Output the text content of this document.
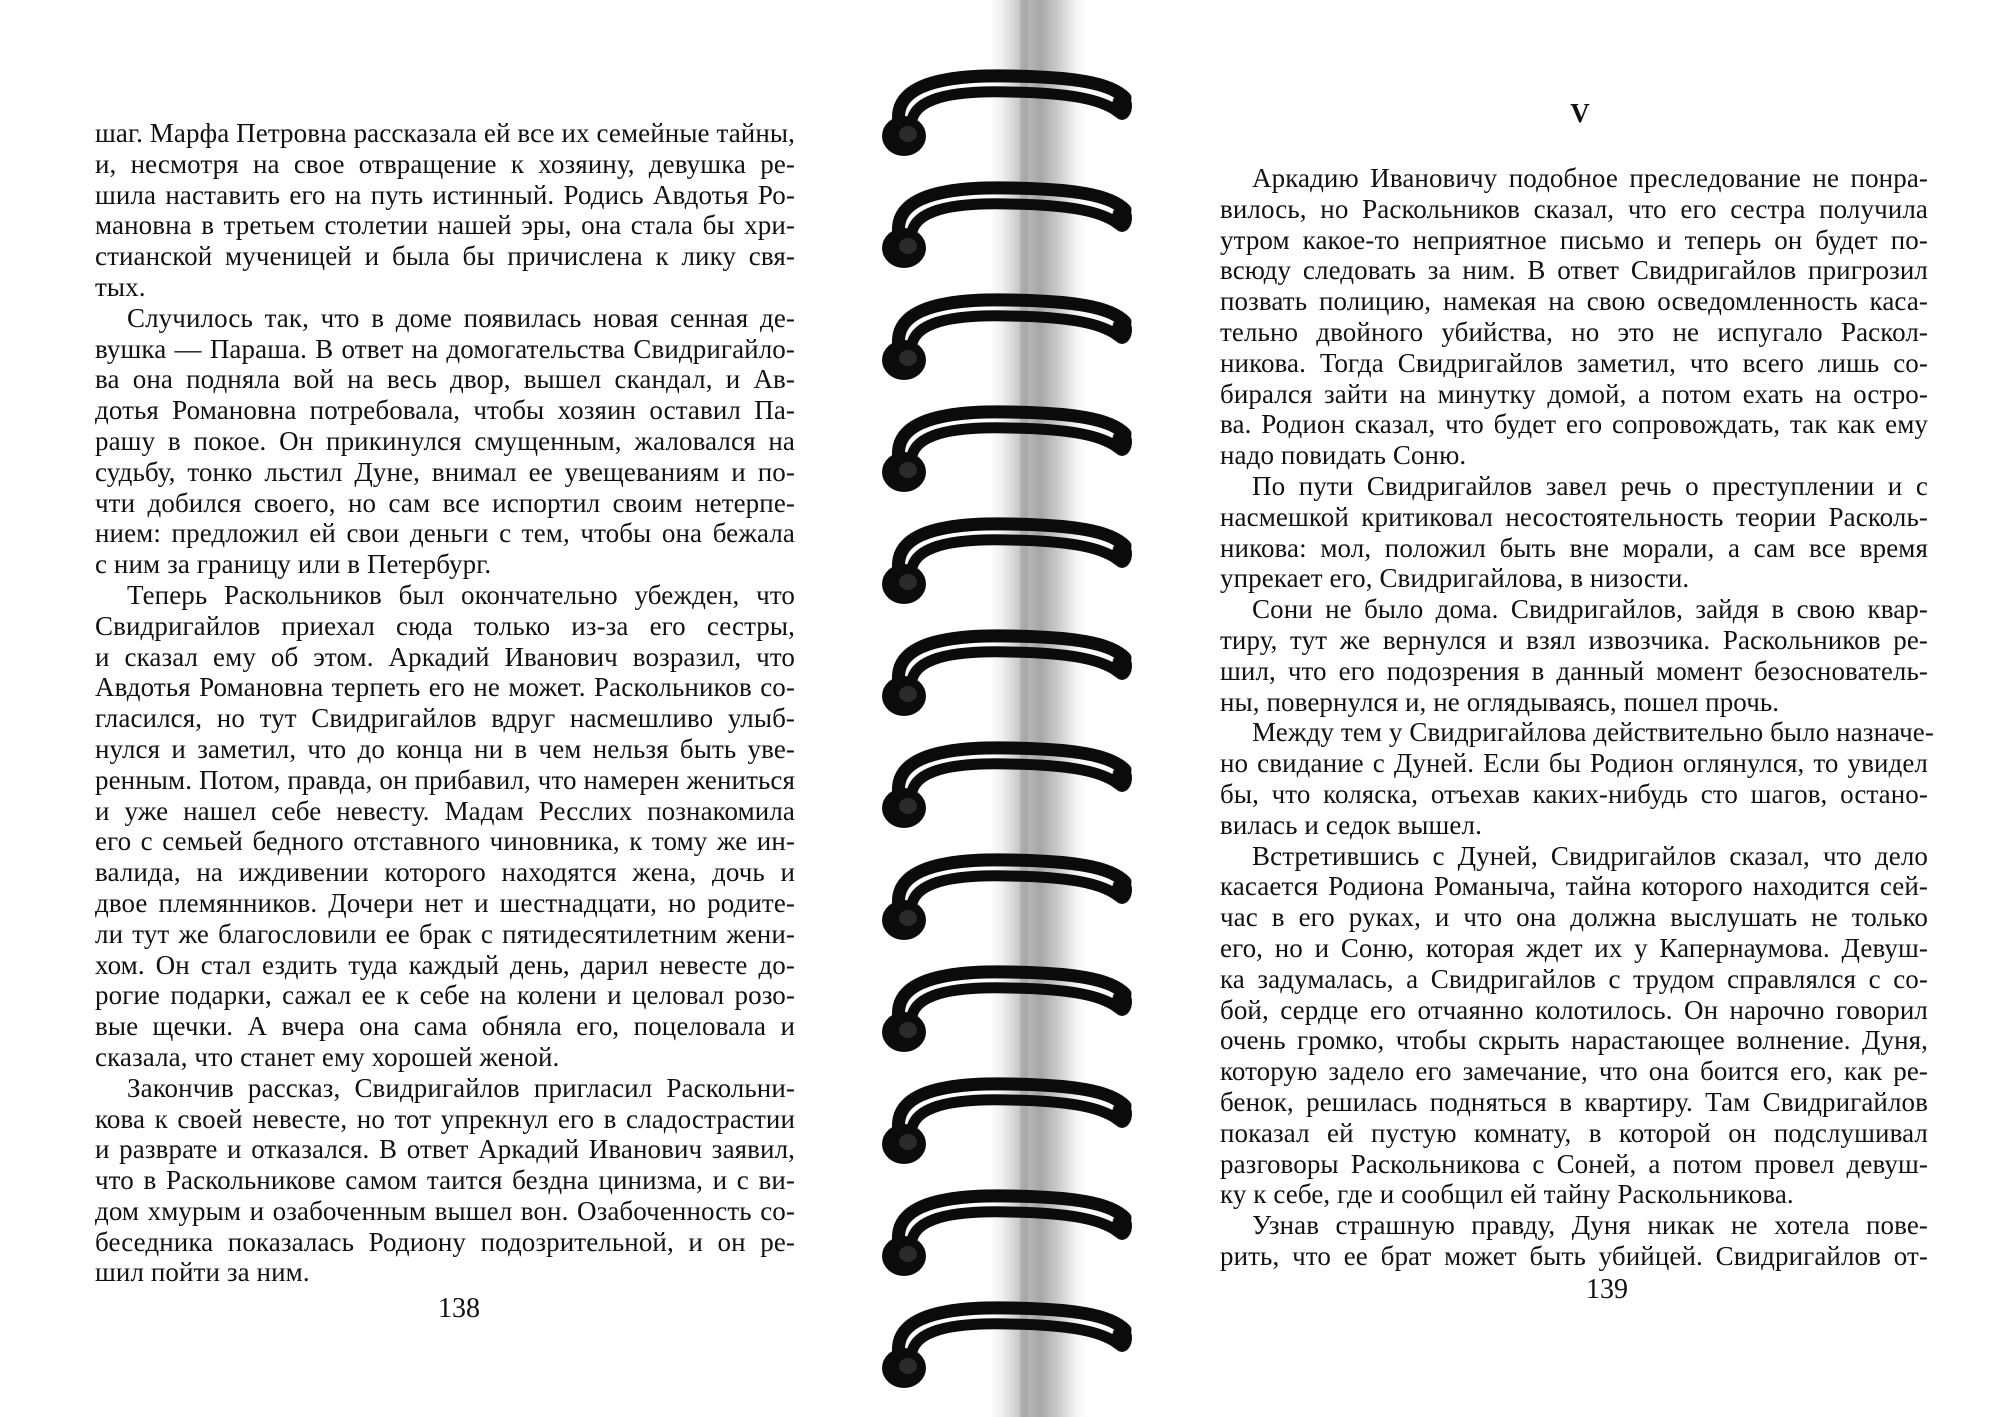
шаг. Марфа Петровна рассказала ей все их семейные тайны,
и, несмотря на свое отвращение к хозяину, девушка ре-
шила наставить его на путь истинный. Родись Авдотья Ро-
мановна в третьем столетии нашей эры, она стала бы хри-
стианской мученицей и была бы причислена к лику свя-
тых.
Случилось так, что в доме появилась новая сенная де-
вушка — Параша. В ответ на домогательства Свидригайло-
ва она подняла вой на весь двор, вышел скандал, и Ав-
дотья Романовна потребовала, чтобы хозяин оставил Па-
рашу в покое. Он прикинулся смущенным, жаловался на
судьбу, тонко льстил Дуне, внимал ее увещеваниям и по-
чти добился своего, но сам все испортил своим нетерпе-
нием: предложил ей свои деньги с тем, чтобы она бежала
с ним за границу или в Петербург.
Теперь Раскольников был окончательно убежден, что
Свидригайлов приехал сюда только из-за его сестры,
и сказал ему об этом. Аркадий Иванович возразил, что
Авдотья Романовна терпеть его не может. Раскольников со-
гласился, но тут Свидригайлов вдруг насмешливо улыб-
нулся и заметил, что до конца ни в чем нельзя быть уве-
ренным. Потом, правда, он прибавил, что намерен жениться
и уже нашел себе невесту. Мадам Ресслих познакомила
его с семьей бедного отставного чиновника, к тому же ин-
валида, на иждивении которого находятся жена, дочь и
двое племянников. Дочери нет и шестнадцати, но родите-
ли тут же благословили ее брак с пятидесятилетним жени-
хом. Он стал ездить туда каждый день, дарил невесте до-
рогие подарки, сажал ее к себе на колени и целовал розо-
вые щечки. А вчера она сама обняла его, поцеловала и
сказала, что станет ему хорошей женой.
Закончив рассказ, Свидригайлов пригласил Раскольни-
кова к своей невесте, но тот упрекнул его в сладострастии
и разврате и отказался. В ответ Аркадий Иванович заявил,
что в Раскольникове самом таится бездна цинизма, и с ви-
дом хмурым и озабоченным вышел вон. Озабоченность со-
беседника показалась Родиону подозрительной, и он ре-
шил пойти за ним.
138
V
Аркадию Ивановичу подобное преследование не понра-
вилось, но Раскольников сказал, что его сестра получила
утром какое-то неприятное письмо и теперь он будет по-
всюду следовать за ним. В ответ Свидригайлов пригрозил
позвать полицию, намекая на свою осведомленность каса-
тельно двойного убийства, но это не испугало Раскол-
никова. Тогда Свидригайлов заметил, что всего лишь со-
бирался зайти на минутку домой, а потом ехать на остро-
ва. Родион сказал, что будет его сопровождать, так как ему
надо повидать Соню.
По пути Свидригайлов завел речь о преступлении и с
насмешкой критиковал несостоятельность теории Расколь-
никова: мол, положил быть вне морали, а сам все время
упрекает его, Свидригайлова, в низости.
Сони не было дома. Свидригайлов, зайдя в свою квар-
тиру, тут же вернулся и взял извозчика. Раскольников ре-
шил, что его подозрения в данный момент безоснователь-
ны, повернулся и, не оглядываясь, пошел прочь.
Между тем у Свидригайлова действительно было назначе-
но свидание с Дуней. Если бы Родион оглянулся, то увидел
бы, что коляска, отъехав каких-нибудь сто шагов, остано-
вилась и седок вышел.
Встретившись с Дуней, Свидригайлов сказал, что дело
касается Родиона Романыча, тайна которого находится сей-
час в его руках, и что она должна выслушать не только
его, но и Соню, которая ждет их у Капернаумова. Девуш-
ка задумалась, а Свидригайлов с трудом справлялся с со-
бой, сердце его отчаянно колотилось. Он нарочно говорил
очень громко, чтобы скрыть нарастающее волнение. Дуня,
которую задело его замечание, что она боится его, как ре-
бенок, решилась подняться в квартиру. Там Свидригайлов
показал ей пустую комнату, в которой он подслушивал
разговоры Раскольникова с Соней, а потом провел девуш-
ку к себе, где и сообщил ей тайну Раскольникова.
Узнав страшную правду, Дуня никак не хотела пове-
рить, что ее брат может быть убийцей. Свидригайлов от-
139
